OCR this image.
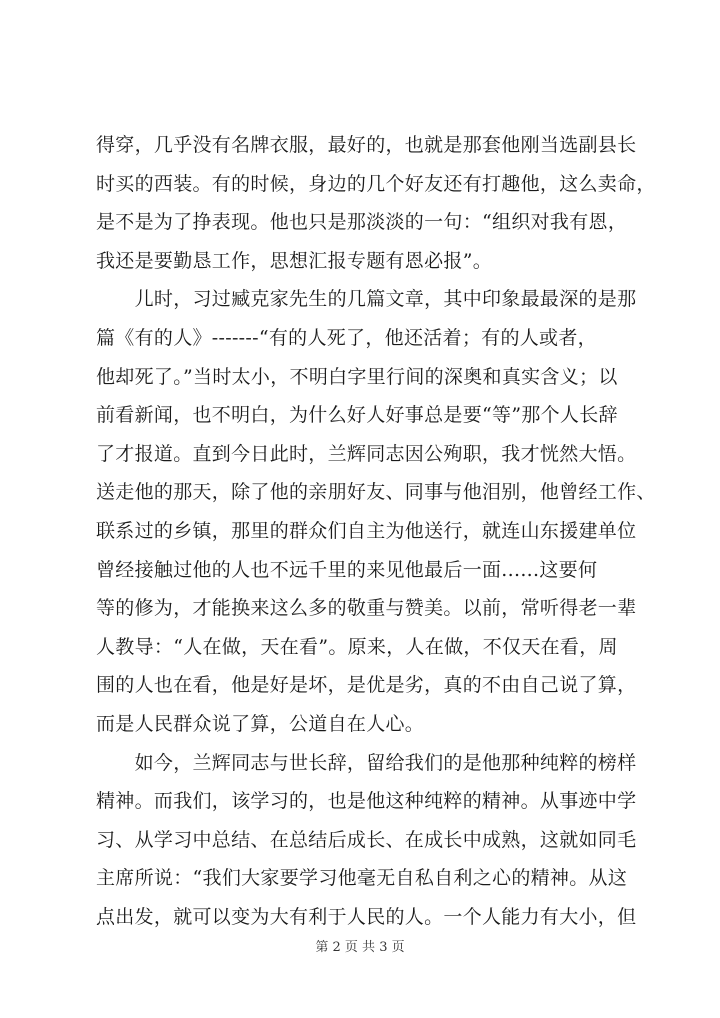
得穿，几乎没有名牌衣服，最好的，也就是那套他刚当选副县长
时买的西装。有的时候，身边的几个好友还有打趣他，这么卖命，
是不是为了挣表现。他也只是那淡淡的一句：“组织对我有恩，
我还是要勤恳工作，思想汇报专题有恩必报”。
　　儿时，习过臧克家先生的几篇文章，其中印象最最深的是那
篇《有的人》-------“有的人死了，他还活着；有的人或者，
他却死了。”当时太小，不明白字里行间的深奥和真实含义；以
前看新闻，也不明白，为什么好人好事总是要“等”那个人长辞
了才报道。直到今日此时，兰辉同志因公殉职，我才恍然大悟。
送走他的那天，除了他的亲朋好友、同事与他泪别，他曾经工作、
联系过的乡镇，那里的群众们自主为他送行，就连山东援建单位
曾经接触过他的人也不远千里的来见他最后一面......这要何
等的修为，才能换来这么多的敬重与赞美。以前，常听得老一辈
人教导：“人在做，天在看”。原来，人在做，不仅天在看，周
围的人也在看，他是好是坏，是优是劣，真的不由自己说了算，
而是人民群众说了算，公道自在人心。
　　如今，兰辉同志与世长辞，留给我们的是他那种纯粹的榜样
精神。而我们，该学习的，也是他这种纯粹的精神。从事迹中学
习、从学习中总结、在总结后成长、在成长中成熟，这就如同毛
主席所说：“我们大家要学习他毫无自私自利之心的精神。从这
点出发，就可以变为大有利于人民的人。一个人能力有大小，但
第 2 页 共 3 页
